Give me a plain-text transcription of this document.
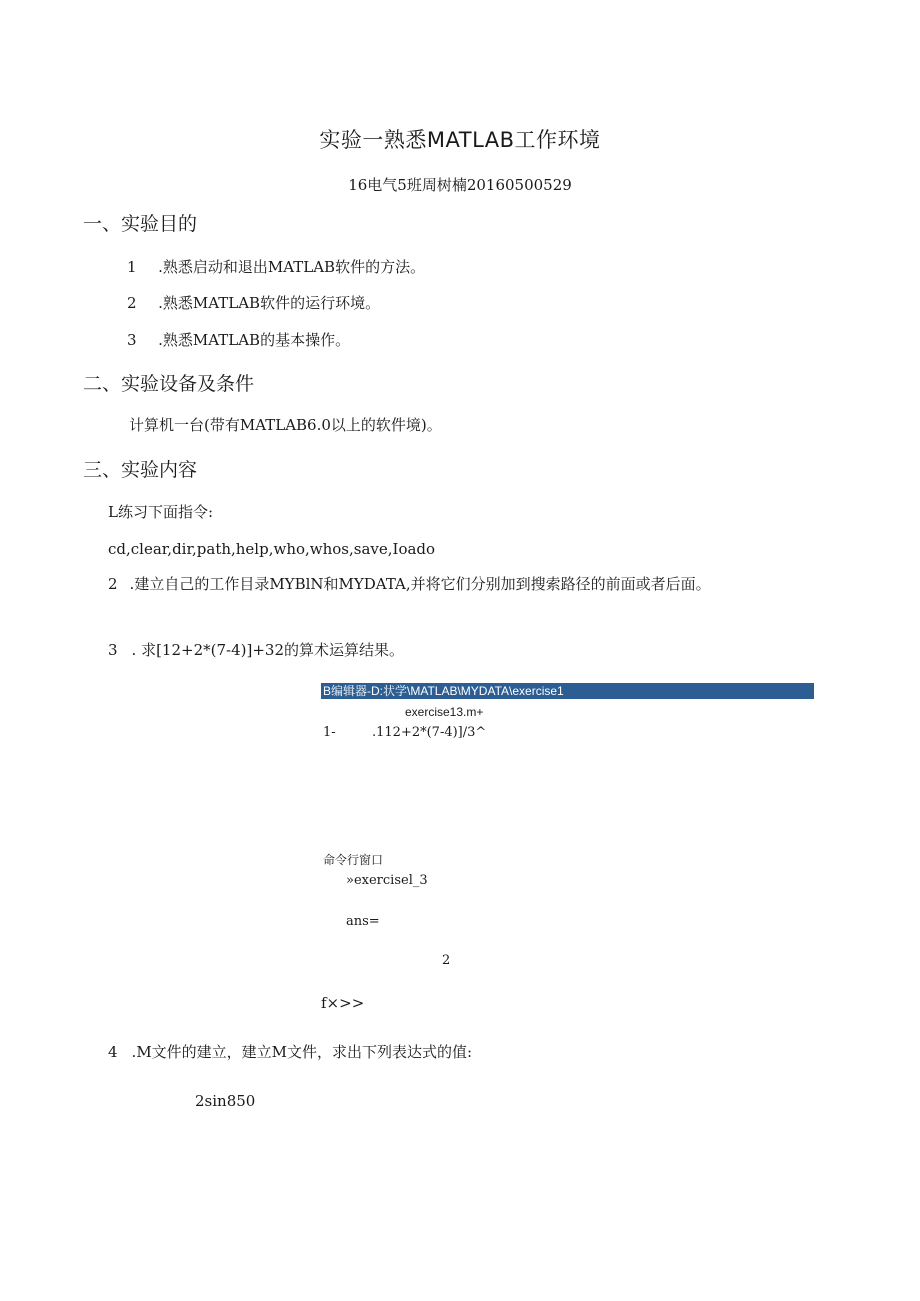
实验一熟悉MATLAB工作环境
16电气5班周树楠20160500529
一、实验目的
1 .熟悉启动和退出MATLAB软件的方法。
2 .熟悉MATLAB软件的运行环境。
3 .熟悉MATLAB的基本操作。
二、实验设备及条件
计算机一台(带有MATLAB6.0以上的软件境)。
三、实验内容
L练习下面指令:
cd,clear,dir,path,help,who,whos,save,Ioado
2 .建立自己的工作目录MYBlN和MYDATA,并将它们分别加到搜索路径的前面或者后面。
3 . 求[12+2*(7-4)]+32的算术运算结果。
B编辑器-D:状学\MATLAB\MYDATA\exercise1
exercise13.m+
1-	.112+2*(7-4)]/3^
命令行窗口
»exercisel_3
ans=
2
f×>>
4 .M文件的建立，建立M文件，求出下列表达式的值:
2sin850
